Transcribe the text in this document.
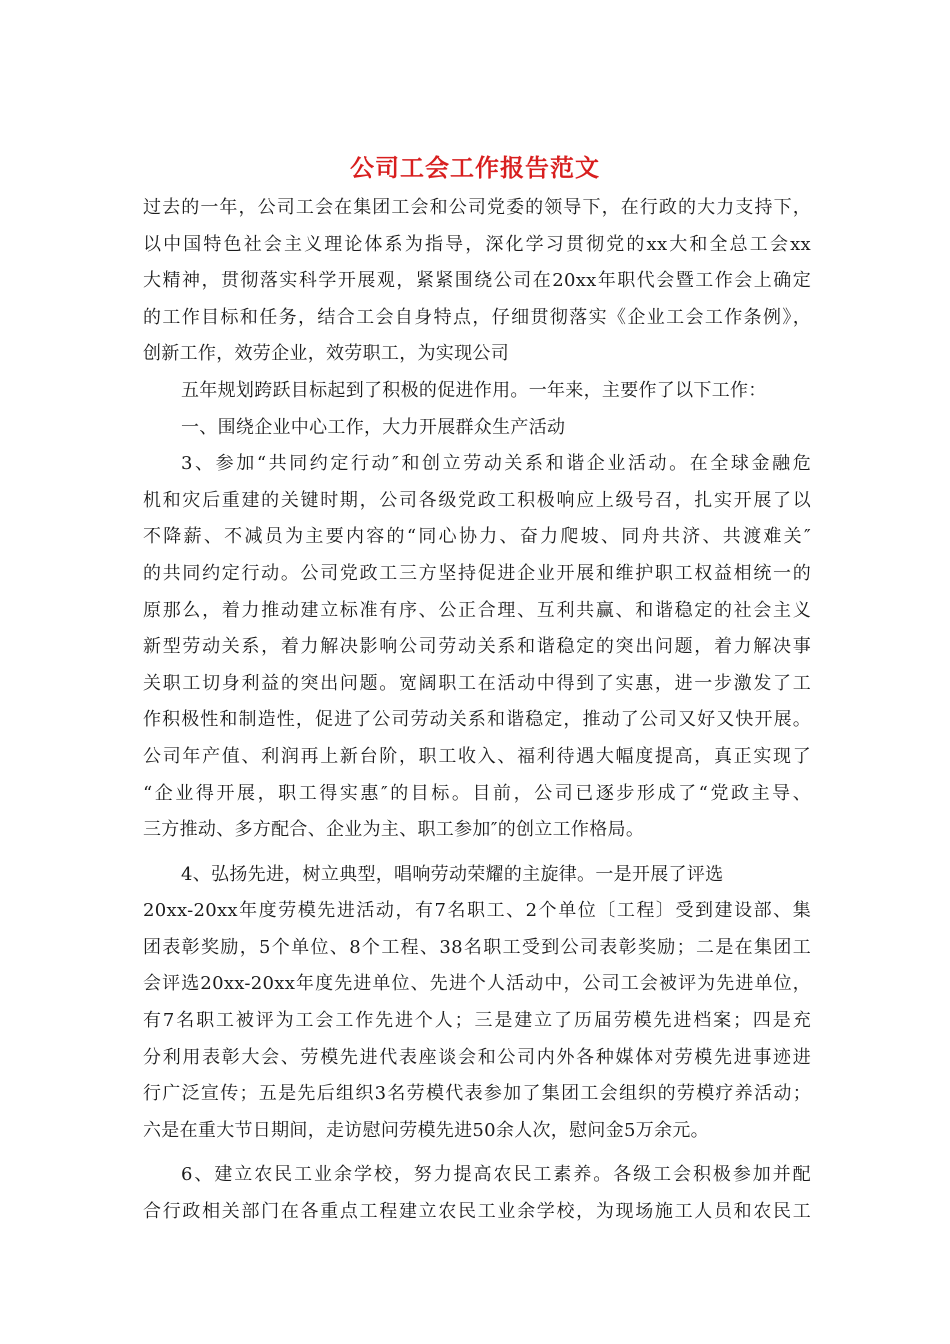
公司工会工作报告范文
过去的一年，公司工会在集团工会和公司党委的领导下，在行政的大力支持下，
以中国特色社会主义理论体系为指导，深化学习贯彻党的xx大和全总工会xx
大精神，贯彻落实科学开展观，紧紧围绕公司在20xx年职代会暨工作会上确定
的工作目标和任务，结合工会自身特点，仔细贯彻落实《企业工会工作条例》，
创新工作，效劳企业，效劳职工，为实现公司
五年规划跨跃目标起到了积极的促进作用。一年来，主要作了以下工作：
一、围绕企业中心工作，大力开展群众生产活动
3、参加“共同约定行动″和创立劳动关系和谐企业活动。在全球金融危
机和灾后重建的关键时期，公司各级党政工积极响应上级号召，扎实开展了以
不降薪、不减员为主要内容的“同心协力、奋力爬坡、同舟共济、共渡难关″
的共同约定行动。公司党政工三方坚持促进企业开展和维护职工权益相统一的
原那么，着力推动建立标准有序、公正合理、互利共赢、和谐稳定的社会主义
新型劳动关系，着力解决影响公司劳动关系和谐稳定的突出问题，着力解决事
关职工切身利益的突出问题。宽阔职工在活动中得到了实惠，进一步激发了工
作积极性和制造性，促进了公司劳动关系和谐稳定，推动了公司又好又快开展。
公司年产值、利润再上新台阶，职工收入、福利待遇大幅度提高，真正实现了
“企业得开展，职工得实惠″的目标。目前，公司已逐步形成了“党政主导、
三方推动、多方配合、企业为主、职工参加″的创立工作格局。
4、弘扬先进，树立典型，唱响劳动荣耀的主旋律。一是开展了评选
20xx-20xx年度劳模先进活动，有7名职工、2个单位〔工程〕受到建设部、集
团表彰奖励，5个单位、8个工程、38名职工受到公司表彰奖励；二是在集团工
会评选20xx-20xx年度先进单位、先进个人活动中，公司工会被评为先进单位，
有7名职工被评为工会工作先进个人；三是建立了历届劳模先进档案；四是充
分利用表彰大会、劳模先进代表座谈会和公司内外各种媒体对劳模先进事迹进
行广泛宣传；五是先后组织3名劳模代表参加了集团工会组织的劳模疗养活动；
六是在重大节日期间，走访慰问劳模先进50余人次，慰问金5万余元。
6、建立农民工业余学校，努力提高农民工素养。各级工会积极参加并配
合行政相关部门在各重点工程建立农民工业余学校，为现场施工人员和农民工
